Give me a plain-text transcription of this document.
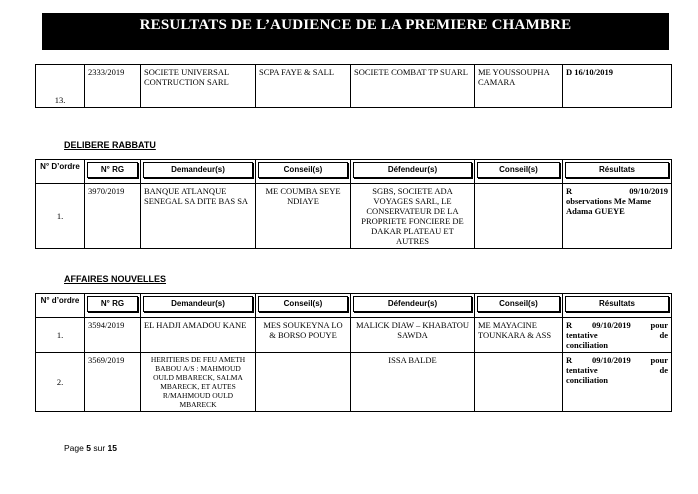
RESULTATS DE L’AUDIENCE DE LA PREMIERE CHAMBRE
13.	2333/2019	SOCIETE UNIVERSAL CONTRUCTION SARL	SCPA FAYE & SALL	SOCIETE COMBAT TP SUARL	ME YOUSSOUPHA CAMARA	D 16/10/2019
DELIBERE RABBATU
N° D’ordre	N° RG	Demandeur(s)	Conseil(s)	Défendeur(s)	Conseil(s)	Résultats

1.	3970/2019	BANQUE ATLANQUE SENEGAL SA DITE BAS SA	ME COUMBA SEYE NDIAYE	SGBS, SOCIETE ADA VOYAGES SARL, LE CONSERVATEUR DE LA PROPRIETE FONCIERE DE DAKAR PLATEAU ET AUTRES		R 09/10/2019
observations Me Mame Adama GUEYE
AFFAIRES NOUVELLES
N° d’ordre	N° RG	Demandeur(s)	Conseil(s)	Défendeur(s)	Conseil(s)	Résultats

1.	3594/2019	EL HADJI AMADOU KANE	MES SOUKEYNA LO & BORSO POUYE	MALICK DIAW – KHABATOU SAWDA	ME MAYACINE TOUNKARA & ASS	R 09/10/2019 pour
tentative de
conciliation

2.	3569/2019	HERITIERS DE FEU AMETH BABOU A/S : MAHMOUD OULD MBARECK, SALMA MBARECK, ET AUTES R/MAHMOUD OULD MBARECK		ISSA BALDE		R 09/10/2019 pour
tentative de
conciliation
Page 5 sur 15
